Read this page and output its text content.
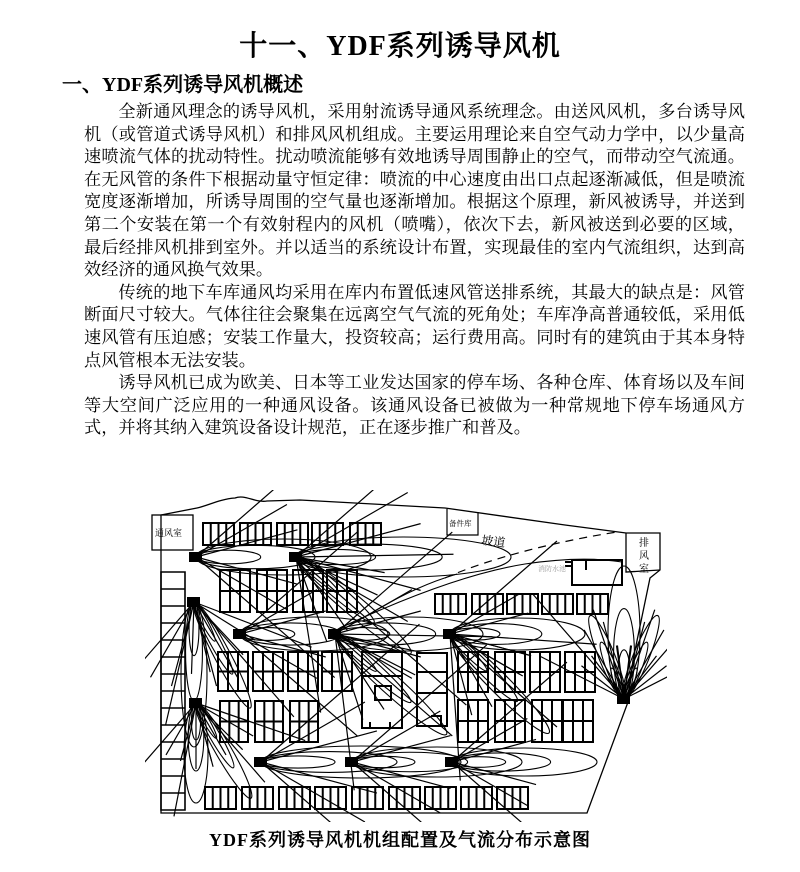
十一、YDF系列诱导风机
一、YDF系列诱导风机概述

全新通风理念的诱导风机，采用射流诱导通风系统理念。由送风风机，多台诱导风机（或管道式诱导风机）和排风风机组成。主要运用理论来自空气动力学中，以少量高速喷流气体的扰动特性。扰动喷流能够有效地诱导周围静止的空气，而带动空气流通。在无风管的条件下根据动量守恒定律：喷流的中心速度由出口点起逐渐减低，但是喷流宽度逐渐增加，所诱导周围的空气量也逐渐增加。根据这个原理，新风被诱导，并送到第二个安装在第一个有效射程内的风机（喷嘴），依次下去，新风被送到必要的区域，最后经排风机排到室外。并以适当的系统设计布置，实现最佳的室内气流组织，达到高效经济的通风换气效果。

传统的地下车库通风均采用在库内布置低速风管送排系统，其最大的缺点是：风管断面尺寸较大。气体往往会聚集在远离空气气流的死角处；车库净高普通较低，采用低速风管有压迫感；安装工作量大，投资较高；运行费用高。同时有的建筑由于其本身特点风管根本无法安装。

诱导风机已成为欧美、日本等工业发达国家的停车场、各种仓库、体育场以及车间等大空间广泛应用的一种通风设备。该通风设备已被做为一种常规地下停车场通风方式，并将其纳入建筑设备设计规范，正在逐步推广和普及。

通风室
备件库
坡道	排风室
消防水池
YDF系列诱导风机机组配置及气流分布示意图
